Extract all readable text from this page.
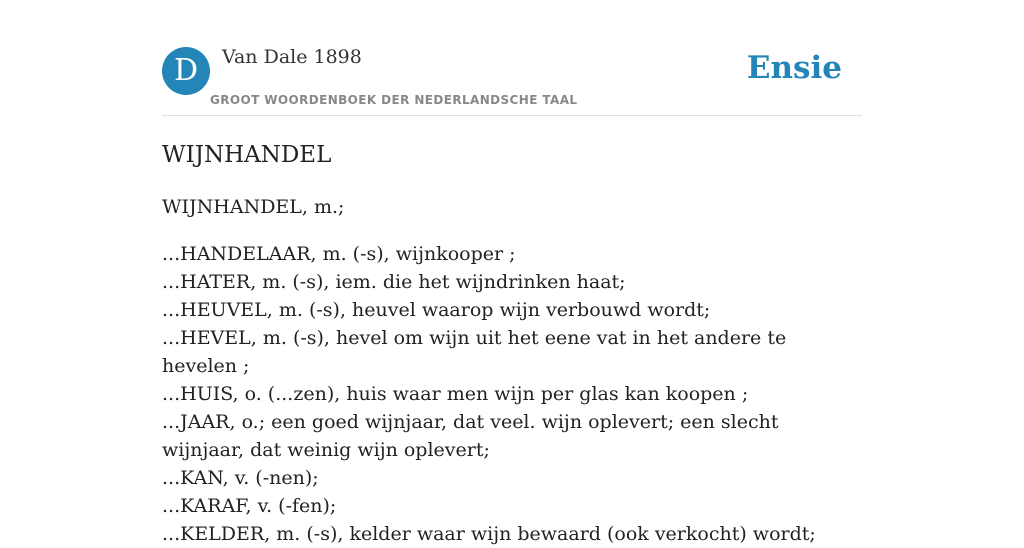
D	Van Dale 1898
GROOT WOORDENBOEK DER NEDERLANDSCHE TAAL
Ensie
WIJNHANDEL

WIJNHANDEL, m.;

...HANDELAAR, m. (-s), wijnkooper ;
...HATER, m. (-s), iem. die het wijndrinken haat;
...HEUVEL, m. (-s), heuvel waarop wijn verbouwd wordt;
...HEVEL, m. (-s), hevel om wijn uit het eene vat in het andere te hevelen ;
...HUIS, o. (...zen), huis waar men wijn per glas kan koopen ;
...JAAR, o.; een goed wijnjaar, dat veel. wijn oplevert; een slecht wijnjaar, dat weinig wijn oplevert;
...KAN, v. (-nen);
...KARAF, v. (-fen);
...KELDER, m. (-s), kelder waar wijn bewaard (ook verkocht) wordt;
